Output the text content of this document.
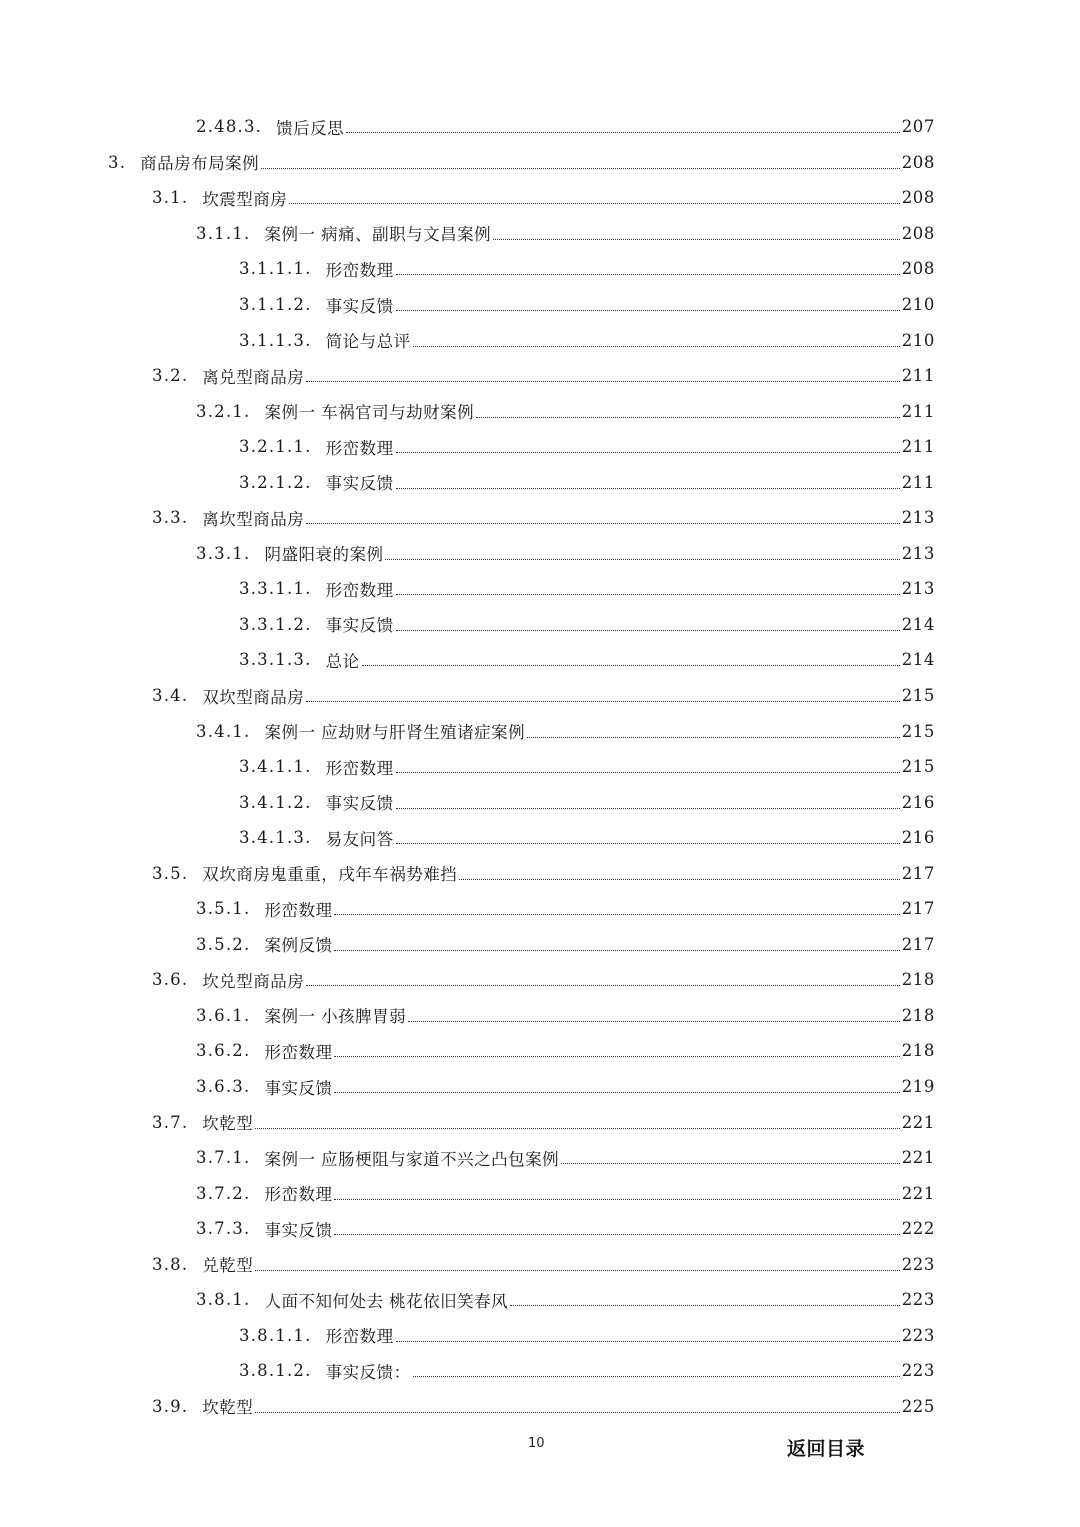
2.48.3. 馈后反思	207
3. 商品房布局案例	208
3.1. 坎震型商房	208
3.1.1. 案例一 病痛、副职与文昌案例	208
3.1.1.1. 形峦数理	208
3.1.1.2. 事实反馈	210
3.1.1.3. 简论与总评	210
3.2. 离兑型商品房	211
3.2.1. 案例一 车祸官司与劫财案例	211
3.2.1.1. 形峦数理	211
3.2.1.2. 事实反馈	211
3.3. 离坎型商品房	213
3.3.1. 阴盛阳衰的案例	213
3.3.1.1. 形峦数理	213
3.3.1.2. 事实反馈	214
3.3.1.3. 总论	214
3.4. 双坎型商品房	215
3.4.1. 案例一 应劫财与肝肾生殖诸症案例	215
3.4.1.1. 形峦数理	215
3.4.1.2. 事实反馈	216
3.4.1.3. 易友问答	216
3.5. 双坎商房鬼重重，戌年车祸势难挡	217
3.5.1. 形峦数理	217
3.5.2. 案例反馈	217
3.6. 坎兑型商品房	218
3.6.1. 案例一 小孩脾胃弱	218
3.6.2. 形峦数理	218
3.6.3. 事实反馈	219
3.7. 坎乾型	221
3.7.1. 案例一 应肠梗阻与家道不兴之凸包案例	221
3.7.2. 形峦数理	221
3.7.3. 事实反馈	222
3.8. 兑乾型	223
3.8.1. 人面不知何处去 桃花依旧笑春风	223
3.8.1.1. 形峦数理	223
3.8.1.2. 事实反馈：	223
3.9. 坎乾型	225
10	返回目录
